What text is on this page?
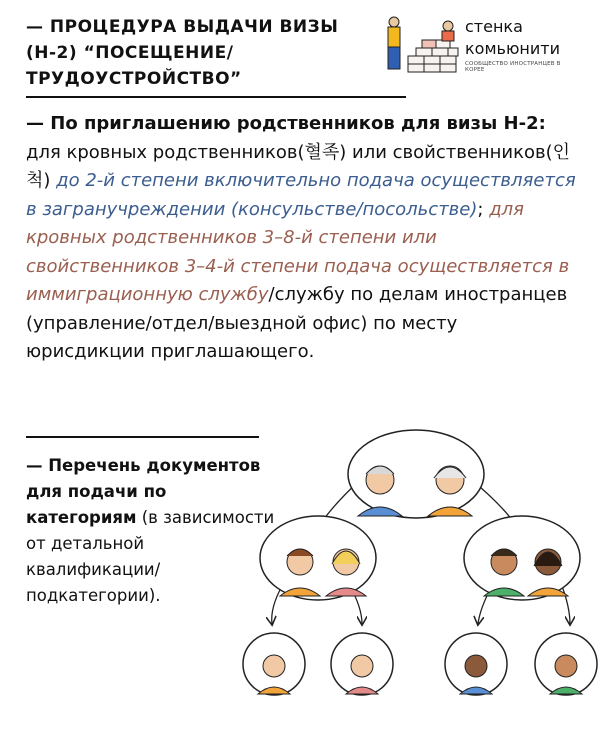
— ПРОЦЕДУРА ВЫДАЧИ ВИЗЫ (Н-2) “ПОСЕЩЕНИЕ/ ТРУДОУСТРОЙСТВО”
стенка
комьюнити
СООБЩЕСТВО ИНОСТРАНЦЕВ В КОРЕЕ
— По приглашению родственников для визы H-2: для кровных родственников(혈족) или свойственников(인척) до 2-й степени включительно подача осуществляется в загранучреждении (консульстве/посольстве); для кровных родственников 3–8-й степени или свойственников 3–4-й степени подача осуществляется в иммиграционную службу/службу по делам иностранцев (управление/отдел/выездной офис) по месту юрисдикции приглашающего.
— Перечень документов для подачи по категориям (в зависимости от детальной квалификации/ подкатегории).
